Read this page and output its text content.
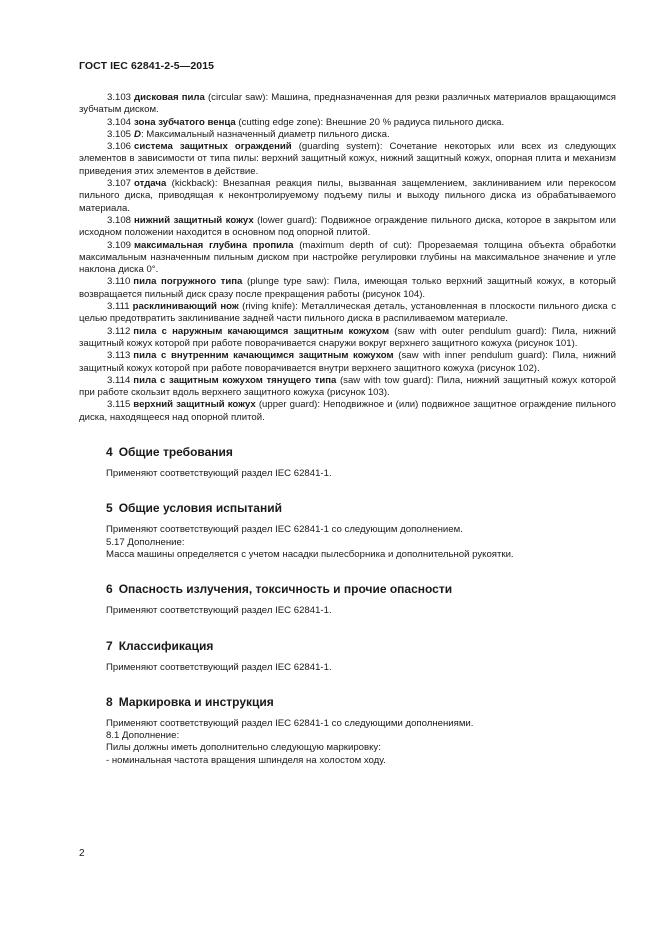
ГОСТ IEC 62841-2-5—2015

3.103 дисковая пила (circular saw): Машина, предназначенная для резки различных материалов вращающимся зубчатым диском.

3.104 зона зубчатого венца (cutting edge zone): Внешние 20 % радиуса пильного диска.

3.105 D: Максимальный назначенный диаметр пильного диска.

3.106 система защитных ограждений (guarding system): Сочетание некоторых или всех из следующих элементов в зависимости от типа пилы: верхний защитный кожух, нижний защитный кожух, опорная плита и механизм приведения этих элементов в действие.

3.107 отдача (kickback): Внезапная реакция пилы, вызванная защемлением, заклиниванием или перекосом пильного диска, приводящая к неконтролируемому подъему пилы и выходу пильного диска из обрабатываемого материала.

3.108 нижний защитный кожух (lower guard): Подвижное ограждение пильного диска, которое в закрытом или исходном положении находится в основном под опорной плитой.

3.109 максимальная глубина пропила (maximum depth of cut): Прорезаемая толщина объекта обработки максимальным назначенным пильным диском при настройке регулировки глубины на максимальное значение и угле наклона диска 0°.

3.110 пила погружного типа (plunge type saw): Пила, имеющая только верхний защитный кожух, в который возвращается пильный диск сразу после прекращения работы (рисунок 104).

3.111 расклинивающий нож (riving knife): Металлическая деталь, установленная в плоскости пильного диска с целью предотвратить заклинивание задней части пильного диска в распиливаемом материале.

3.112 пила с наружным качающимся защитным кожухом (saw with outer pendulum guard): Пила, нижний защитный кожух которой при работе поворачивается снаружи вокруг верхнего защитного кожуха (рисунок 101).

3.113 пила с внутренним качающимся защитным кожухом (saw with inner pendulum guard): Пила, нижний защитный кожух которой при работе поворачивается внутри верхнего защитного кожуха (рисунок 102).

3.114 пила с защитным кожухом тянущего типа (saw with tow guard): Пила, нижний защитный кожух которой при работе скользит вдоль верхнего защитного кожуха (рисунок 103).

3.115 верхний защитный кожух (upper guard): Неподвижное и (или) подвижное защитное ограждение пильного диска, находящееся над опорной плитой.

4 Общие требования

Применяют соответствующий раздел IEC 62841-1.

5 Общие условия испытаний

Применяют соответствующий раздел IEC 62841-1 со следующим дополнением.

5.17 Дополнение:

Масса машины определяется с учетом насадки пылесборника и дополнительной рукоятки.

6 Опасность излучения, токсичность и прочие опасности

Применяют соответствующий раздел IEC 62841-1.

7 Классификация

Применяют соответствующий раздел IEC 62841-1.

8 Маркировка и инструкция

Применяют соответствующий раздел IEC 62841-1 со следующими дополнениями.

8.1 Дополнение:

Пилы должны иметь дополнительно следующую маркировку:

- номинальная частота вращения шпинделя на холостом ходу.

2
